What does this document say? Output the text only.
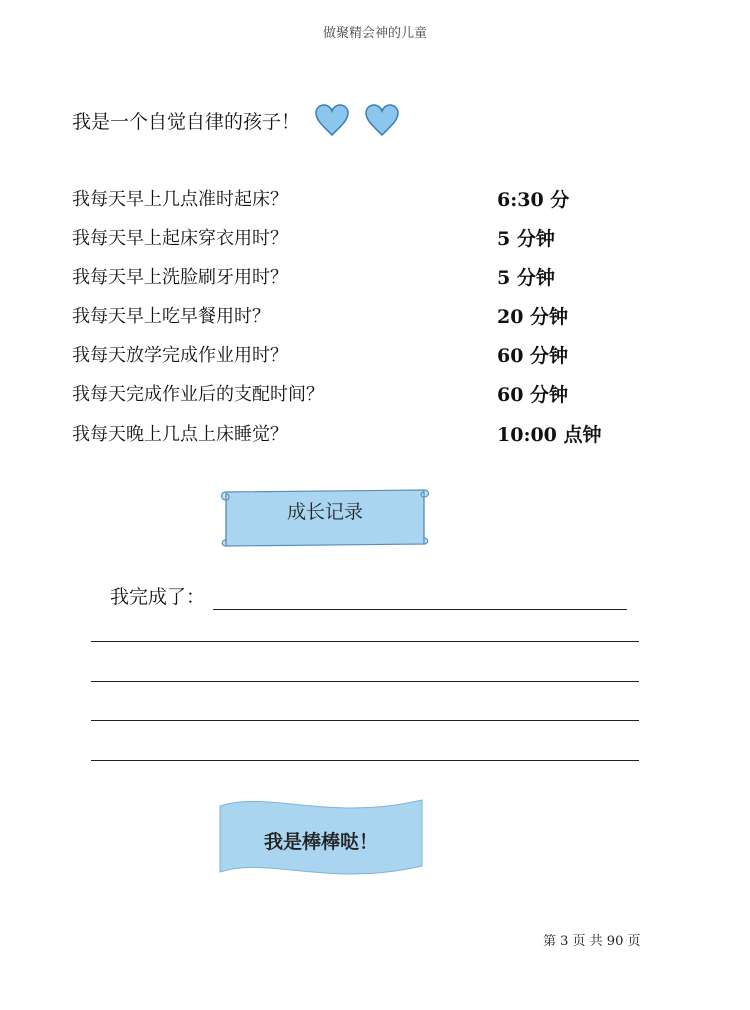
做聚精会神的儿童
我是一个自觉自律的孩子！
我每天早上几点准时起床？	6:30 分
我每天早上起床穿衣用时？	5 分钟
我每天早上洗脸刷牙用时？	5 分钟
我每天早上吃早餐用时？	20 分钟
我每天放学完成作业用时？	60 分钟
我每天完成作业后的支配时间？	60 分钟
我每天晚上几点上床睡觉？	10:00 点钟
成长记录
我完成了：
我是棒棒哒！
第 3 页 共 90 页
